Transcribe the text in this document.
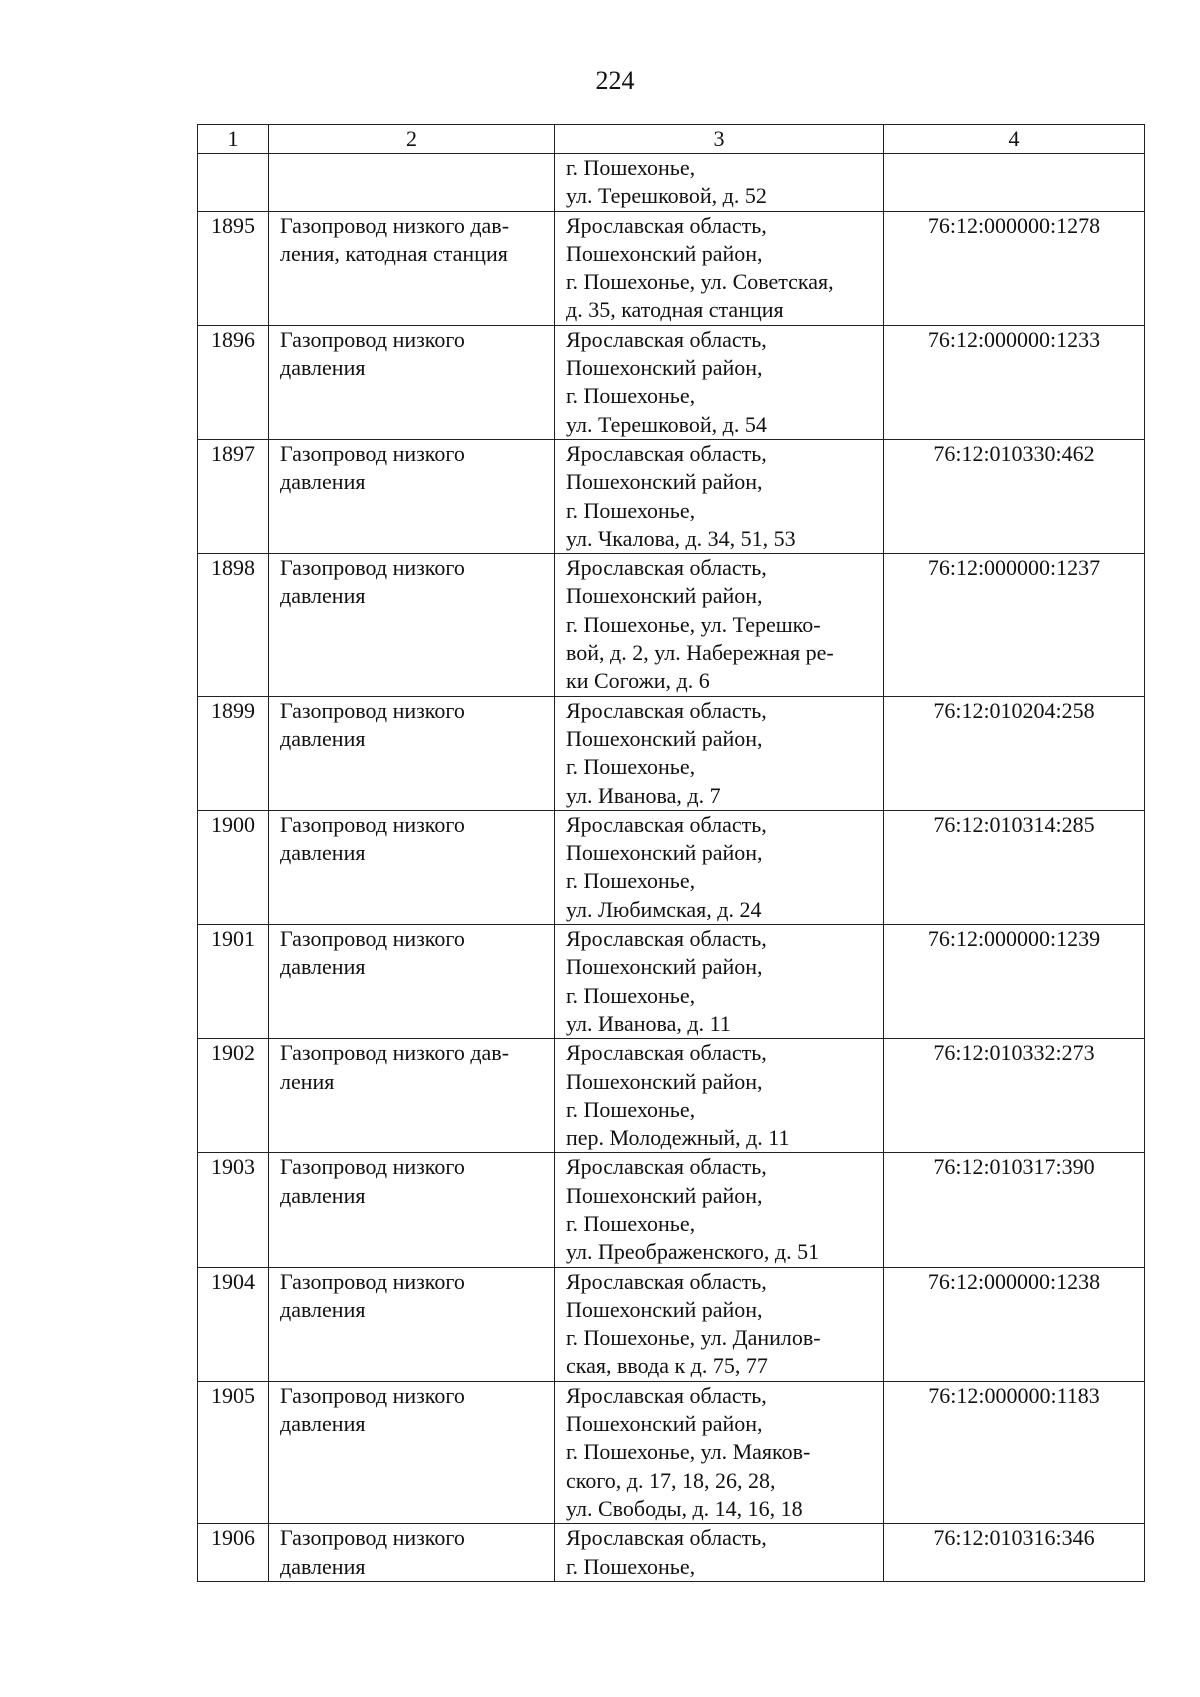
224
1	2	3	4

		г. Пошехонье,
ул. Терешковой, д. 52	

1895	Газопровод низкого дав-
ления, катодная станция	Ярославская область,
Пошехонский район,
г. Пошехонье, ул. Советская,
д. 35, катодная станция	76:12:000000:1278
1896	Газопровод низкого
давления	Ярославская область,
Пошехонский район,
г. Пошехонье,
ул. Терешковой, д. 54	76:12:000000:1233
1897	Газопровод низкого
давления	Ярославская область,
Пошехонский район,
г. Пошехонье,
ул. Чкалова, д. 34, 51, 53	76:12:010330:462
1898	Газопровод низкого
давления	Ярославская область,
Пошехонский район,
г. Пошехонье, ул. Терешко-
вой, д. 2, ул. Набережная ре-
ки Согожи, д. 6	76:12:000000:1237
1899	Газопровод низкого
давления	Ярославская область,
Пошехонский район,
г. Пошехонье,
ул. Иванова, д. 7	76:12:010204:258
1900	Газопровод низкого
давления	Ярославская область,
Пошехонский район,
г. Пошехонье,
ул. Любимская, д. 24	76:12:010314:285
1901	Газопровод низкого
давления	Ярославская область,
Пошехонский район,
г. Пошехонье,
ул. Иванова, д. 11	76:12:000000:1239
1902	Газопровод низкого дав-
ления	Ярославская область,
Пошехонский район,
г. Пошехонье,
пер. Молодежный, д. 11	76:12:010332:273
1903	Газопровод низкого
давления	Ярославская область,
Пошехонский район,
г. Пошехонье,
ул. Преображенского, д. 51	76:12:010317:390
1904	Газопровод низкого
давления	Ярославская область,
Пошехонский район,
г. Пошехонье, ул. Данилов-
ская, ввода к д. 75, 77	76:12:000000:1238
1905	Газопровод низкого
давления	Ярославская область,
Пошехонский район,
г. Пошехонье, ул. Маяков-
ского, д. 17, 18, 26, 28,
ул. Свободы, д. 14, 16, 18	76:12:000000:1183
1906	Газопровод низкого
давления	Ярославская область,
г. Пошехонье,	76:12:010316:346
